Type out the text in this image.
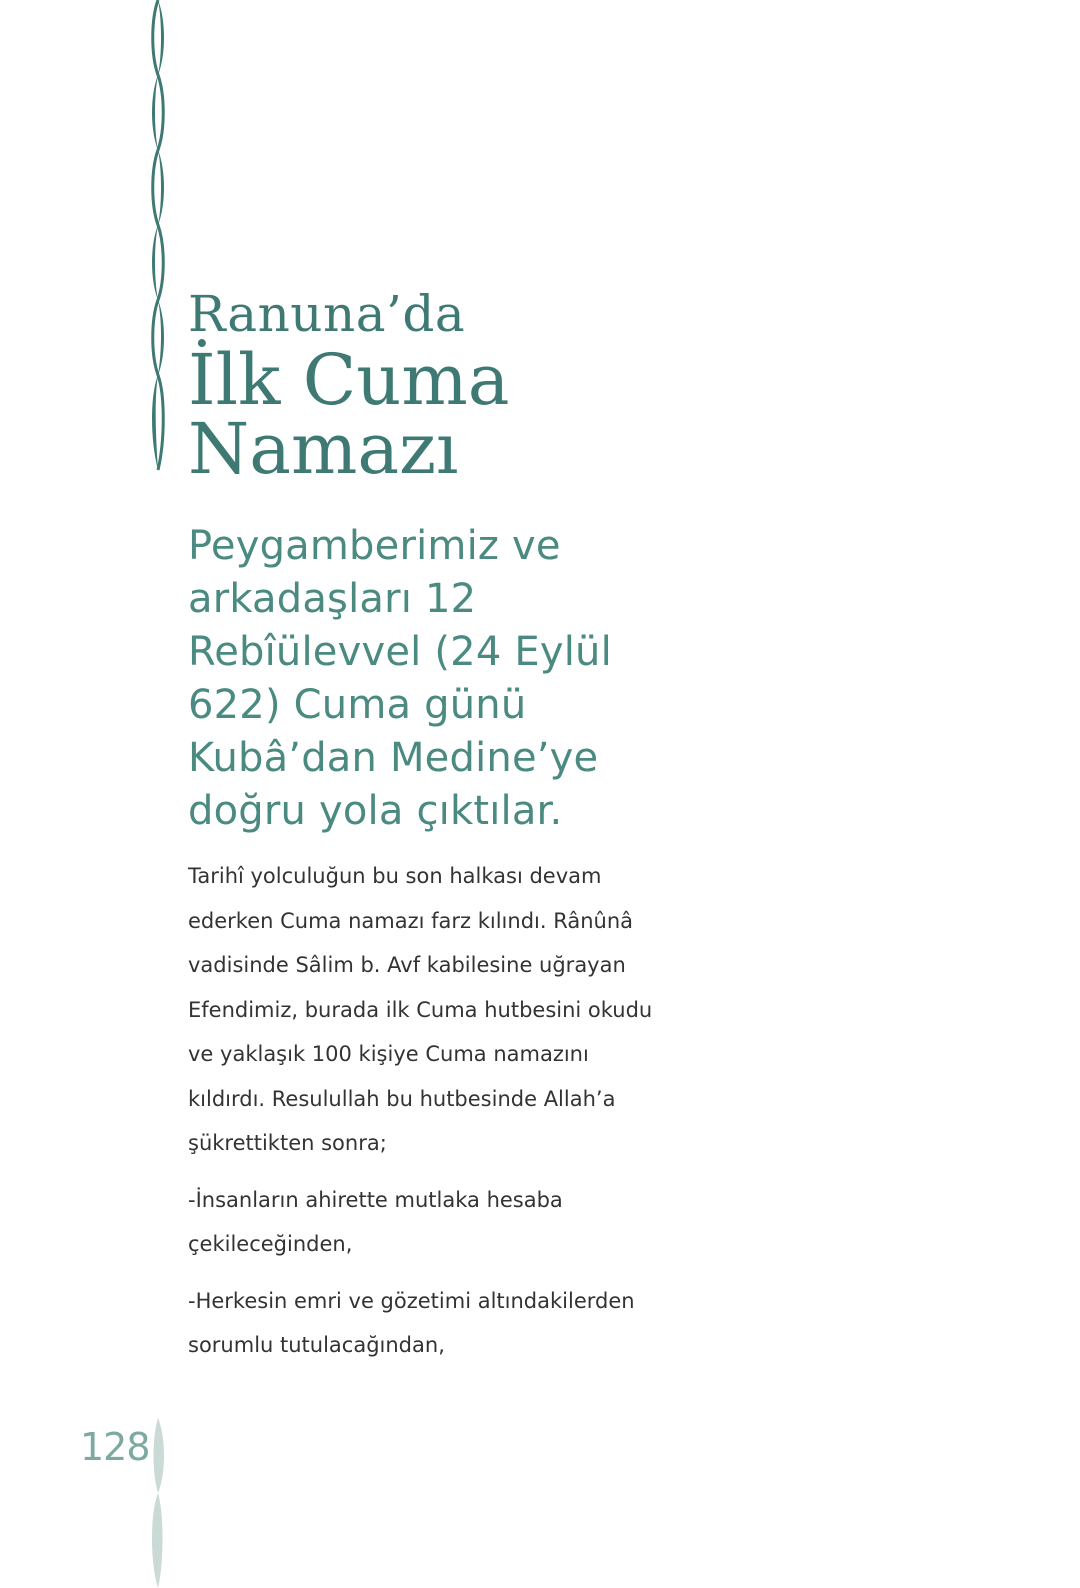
Ranuna’da
İlk Cuma
Namazı
Peygamberimiz ve arkadaşları 12 Rebîülevvel (24 Eylül 622) Cuma günü Kubâ’dan Medine’ye doğru yola çıktılar.

Tarihî yolculuğun bu son halkası devam ederken Cuma namazı farz kılındı. Rânûnâ vadisinde Sâlim b. Avf kabilesine uğrayan Efendimiz, burada ilk Cuma hutbesini okudu ve yaklaşık 100 kişiye Cuma namazını kıldırdı. Resulullah bu hutbesinde Allah’a şükrettikten sonra;

-İnsanların ahirette mutlaka hesaba çekileceğinden,

-Herkesin emri ve gözetimi altındakilerden sorumlu tutulacağından,

128
